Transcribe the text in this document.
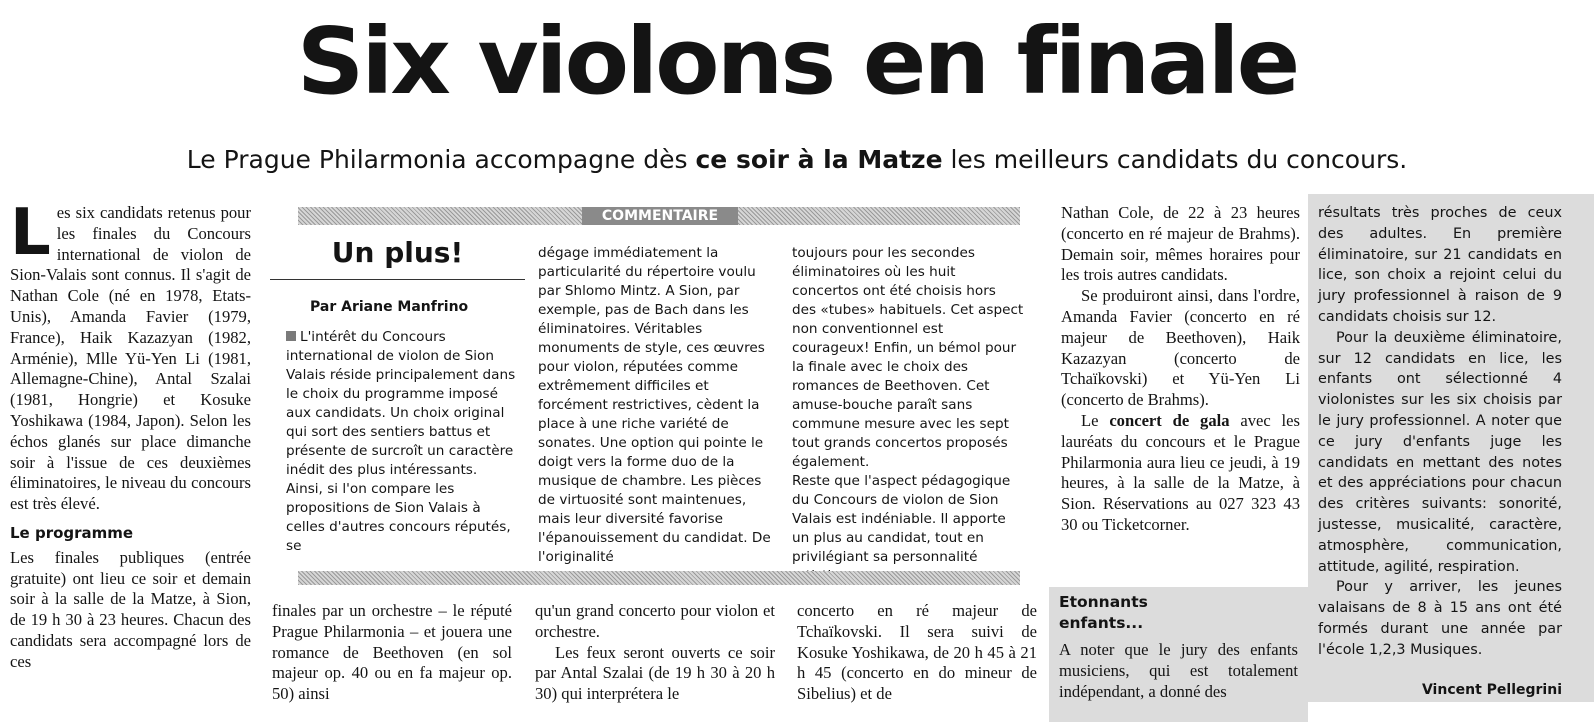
Six violons en finale
Le Prague Philarmonia accompagne dès ce soir à la Matze les meilleurs candidats du concours.

Les six candidats retenus pour les finales du Concours international de violon de Sion-Valais sont connus. Il s'agit de Nathan Cole (né en 1978, Etats-Unis), Amanda Favier (1979, France), Haik Kazazyan (1982, Arménie), Mlle Yü-Yen Li (1981, Allemagne-Chine), Antal Szalai (1981, Hongrie) et Kosuke Yoshikawa (1984, Japon). Selon les échos glanés sur place dimanche soir à l'issue de ces deuxièmes éliminatoires, le niveau du concours est très élevé.

Le programme

Les finales publiques (entrée gratuite) ont lieu ce soir et demain soir à la salle de la Matze, à Sion, de 19 h 30 à 23 heures. Chacun des candidats sera accompagné lors de ces

COMMENTAIRE
Un plus!
Par Ariane Manfrino

L'intérêt du Concours international de violon de Sion Valais réside principalement dans le choix du programme imposé aux candidats. Un choix original qui sort des sentiers battus et présente de surcroît un caractère inédit des plus intéressants.

Ainsi, si l'on compare les propositions de Sion Valais à celles d'autres concours réputés, se

dégage immédiatement la particularité du répertoire voulu par Shlomo Mintz. A Sion, par exemple, pas de Bach dans les éliminatoires. Véritables monuments de style, ces œuvres pour violon, réputées comme extrêmement difficiles et forcément restrictives, cèdent la place à une riche variété de sonates. Une option qui pointe le doigt vers la forme duo de la musique de chambre. Les pièces de virtuosité sont maintenues, mais leur diversité favorise l'épanouissement du candidat. De l'originalité

toujours pour les secondes éliminatoires où les huit concertos ont été choisis hors des «tubes» habituels. Cet aspect non conventionnel est courageux! Enfin, un bémol pour la finale avec le choix des romances de Beethoven. Cet amuse-bouche paraît sans commune mesure avec les sept tout grands concertos proposés également.

Reste que l'aspect pédagogique du Concours de violon de Sion Valais est indéniable. Il apporte un plus au candidat, tout en privilégiant sa personnalité

finales par un orchestre – le réputé Prague Philarmonia – et jouera une romance de Beethoven (en sol majeur op. 40 ou en fa majeur op. 50) ainsi

qu'un grand concerto pour violon et orchestre.

Les feux seront ouverts ce soir par Antal Szalai (de 19 h 30 à 20 h 30) qui interprétera le

concerto en ré majeur de Tchaïkovski. Il sera suivi de Kosuke Yoshikawa, de 20 h 45 à 21 h 45 (concerto en do mineur de Sibelius) et de

Nathan Cole, de 22 à 23 heures (concerto en ré majeur de Brahms). Demain soir, mêmes horaires pour les trois autres candidats.

Se produiront ainsi, dans l'ordre, Amanda Favier (concerto en ré majeur de Beethoven), Haik Kazazyan (concerto de Tchaïkovski) et Yü-Yen Li (concerto de Brahms).

Le concert de gala avec les lauréats du concours et le Prague Philarmonia aura lieu ce jeudi, à 19 heures, à la salle de la Matze, à Sion. Réservations au 027 323 43 30 ou Ticketcorner.

Etonnants enfants...

A noter que le jury des enfants musiciens, qui est totalement indépendant, a donné des

résultats très proches de ceux des adultes. En première éliminatoire, sur 21 candidats en lice, son choix a rejoint celui du jury professionnel à raison de 9 candidats choisis sur 12.

Pour la deuxième éliminatoire, sur 12 candidats en lice, les enfants ont sélectionné 4 violonistes sur les six choisis par le jury professionnel. A noter que ce jury d'enfants juge les candidats en mettant des notes et des appréciations pour chacun des critères suivants: sonorité, justesse, musicalité, caractère, atmosphère, communication, attitude, agilité, respiration.

Pour y arriver, les jeunes valaisans de 8 à 15 ans ont été formés durant une année par l'école 1,2,3 Musiques.

Vincent Pellegrini
